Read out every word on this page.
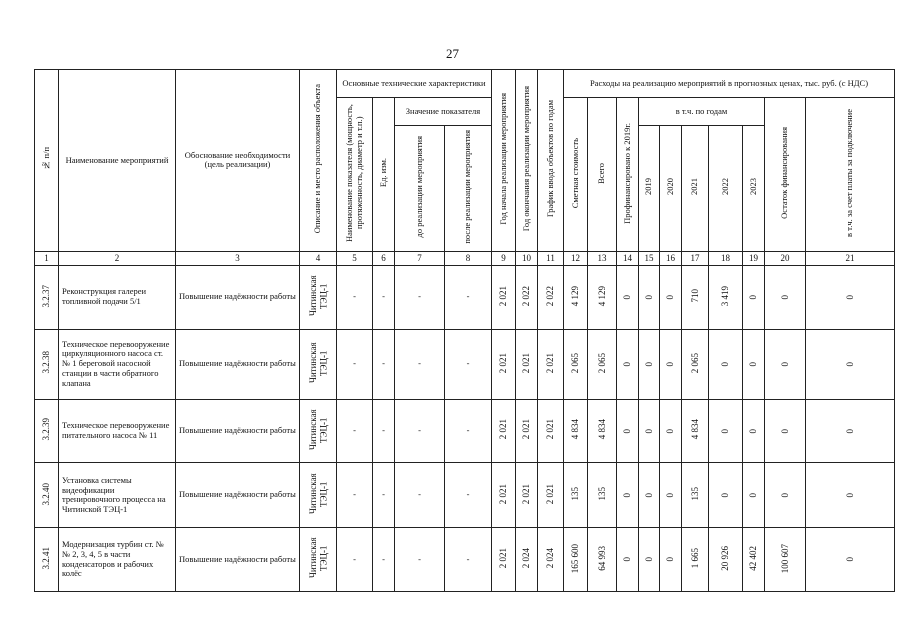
27
№ п/п	Наименование мероприятий	Обоснование необходимости (цель реализации)	Описание и место расположения объекта	Основные технические характеристики				Год начала реализации мероприятия	Год окончания реализации мероприятия	График ввода объектов по годам	Расходы на реализацию мероприятий в прогнозных ценах, тыс. руб. (с НДС)									
				Наименование показателя (мощность, протяженность, диаметр и т.п.)	Ед. изм.	Значение показателя					Сметная стоимость	Всего	Профинансировано к 2019г.	в т.ч. по годам					Остаток финансирования	в т.ч. за счет платы за подключение
						до реализации мероприятия	после реализации мероприятия							2019	2020	2021	2022	2023		
1	2	3	4	5	6	7	8	9	10	11	12	13	14	15	16	17	18	19	20	21
3.2.37	Реконструкция галереи топливной подачи 5/1	Повышение надёжности работы	Читинская ТЭЦ-1	-	-	-	-	2 021	2 022	2 022	4 129	4 129	0	0	0	710	3 419	0	0	0
3.2.38	Техническое перевооружение циркуляционного насоса ст. № 1 береговой насосной станции в части обратного клапана	Повышение надёжности работы	Читинская ТЭЦ-1	-	-	-	-	2 021	2 021	2 021	2 065	2 065	0	0	0	2 065	0	0	0	0
3.2.39	Техническое перевооружение питательного насоса № 11	Повышение надёжности работы	Читинская ТЭЦ-1	-	-	-	-	2 021	2 021	2 021	4 834	4 834	0	0	0	4 834	0	0	0	0
3.2.40	Установка системы видеофикации тренировочного процесса на Читинской ТЭЦ-1	Повышение надёжности работы	Читинская ТЭЦ-1	-	-	-	-	2 021	2 021	2 021	135	135	0	0	0	135	0	0	0	0
3.2.41	Модернизация турбин ст. №№ 2, 3, 4, 5 в части конденсаторов и рабочих колёс	Повышение надёжности работы	Читинская ТЭЦ-1	-	-	-	-	2 021	2 024	2 024	165 600	64 993	0	0	0	1 665	20 926	42 402	100 607	0
